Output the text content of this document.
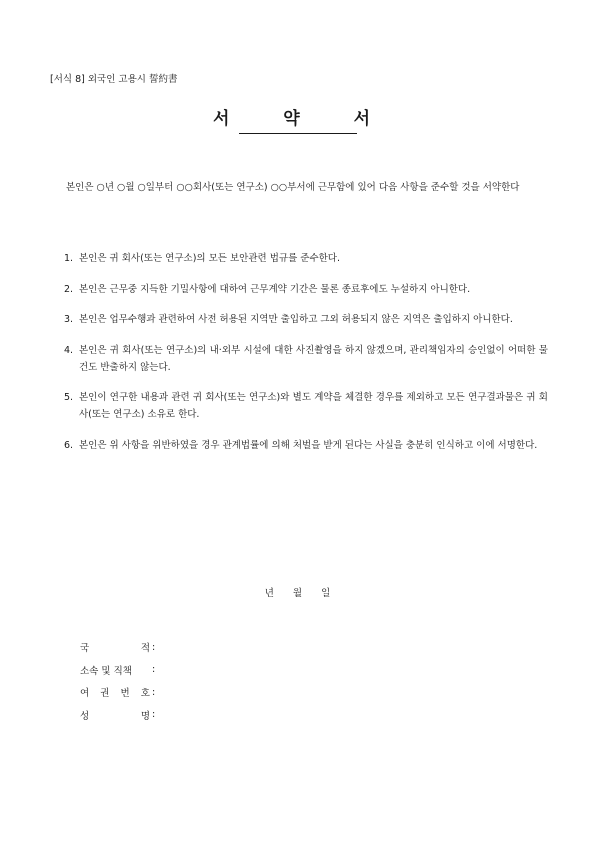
[서식 8] 외국인 고용시 誓約書
서 약 서
본인은 ○년 ○월 ○일부터 ○○회사(또는 연구소) ○○부서에 근무함에 있어 다음 사항을 준수할 것을 서약한다
1. 본인은 귀 회사(또는 연구소)의 모든 보안관련 법규를 준수한다.
2. 본인은 근무중 지득한 기밀사항에 대하여 근무계약 기간은 물론 종료후에도 누설하지 아니한다.
3. 본인은 업무수행과 관련하여 사전 허용된 지역만 출입하고 그외 허용되지 않은 지역은 출입하지 아니한다.
4. 본인은 귀 회사(또는 연구소)의 내·외부 시설에 대한 사진촬영을 하지 않겠으며, 관리책임자의 승인없이 어떠한 물건도 반출하지 않는다.
5. 본인이 연구한 내용과 관련 귀 회사(또는 연구소)와 별도 계약을 체결한 경우를 제외하고 모든 연구결과물은 귀 회사(또는 연구소) 소유로 한다.
6. 본인은 위 사항을 위반하였을 경우 관계법률에 의해 처벌을 받게 된다는 사실을 충분히 인식하고 이에 서명한다.
년 월 일
국	적 :
소속 및 직책 :
여 권 번 호 :
성	명 :
